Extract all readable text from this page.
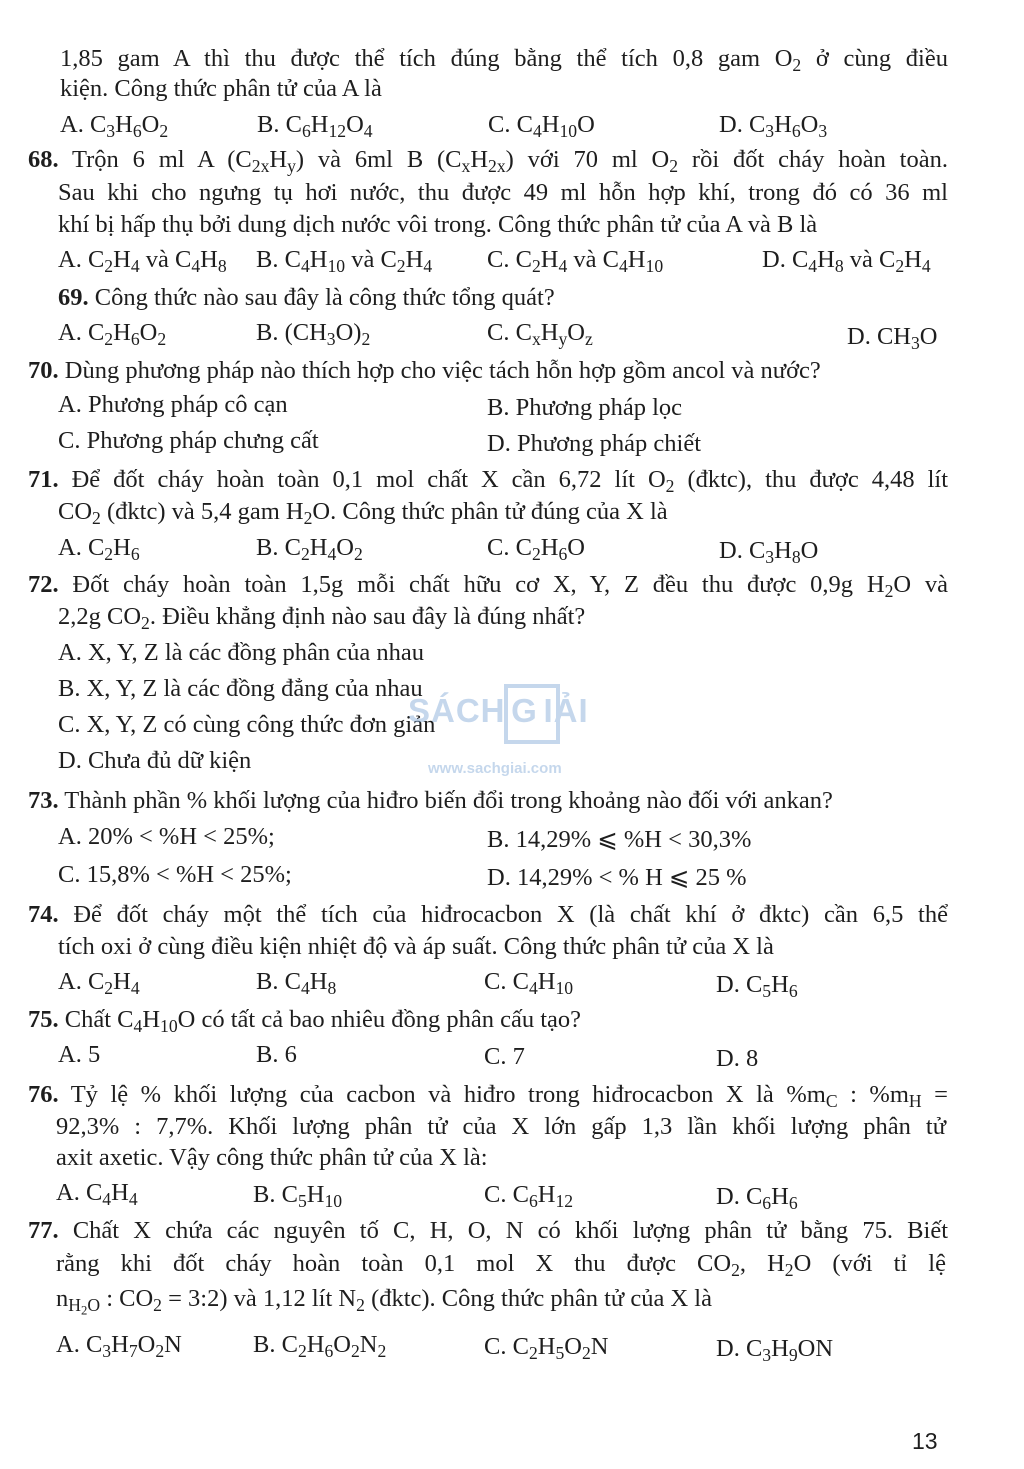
1,85 gam A thì thu được thể tích đúng bằng thể tích 0,8 gam $O_2$ ở cùng điều
kiện. Công thức phân tử của A là
A. $C_3H_6O_2$	B. $C_6H_{12}O_4$	C. $C_4H_{10}O$	D. $C_3H_6O_3$
68. Trộn 6 ml A $(C_{2x}H_y)$ và 6ml B $(C_xH_{2x})$ với 70 ml $O_2$ rồi đốt cháy hoàn toàn.
Sau khi cho ngưng tụ hơi nước, thu được 49 ml hỗn hợp khí, trong đó có 36 ml
khí bị hấp thụ bởi dung dịch nước vôi trong. Công thức phân tử của A và B là
A. $C_2H_4$ và $C_4H_8$ B. $C_4H_{10}$ và $C_2H_4$ C. $C_2H_4$ và $C_4H_{10}$	D. $C_4H_8$ và $C_2H_4$
69. Công thức nào sau đây là công thức tổng quát?
A. $C_2H_6O_2$	B. $(CH_3O)_2$	C. $C_xH_yO_z$	D. $CH_3O$
70. Dùng phương pháp nào thích hợp cho việc tách hỗn hợp gồm ancol và nước?
A. Phương pháp cô cạn	B. Phương pháp lọc
C. Phương pháp chưng cất	D. Phương pháp chiết
71. Để đốt cháy hoàn toàn 0,1 mol chất X cần 6,72 lít $O_2$ (đktc), thu được 4,48 lít
$CO_2$ (đktc) và 5,4 gam $H_2O$. Công thức phân tử đúng của X là
A. $C_2H_6$	B. $C_2H_4O_2$	C. $C_2H_6O$	D. $C_3H_8O$
72. Đốt cháy hoàn toàn 1,5g mỗi chất hữu cơ X, Y, Z đều thu được 0,9g $H_2O$ và
2,2g $CO_2$. Điều khẳng định nào sau đây là đúng nhất?
A. X, Y, Z là các đồng phân của nhau
B. X, Y, Z là các đồng đẳng của nhau
C. X, Y, Z có cùng công thức đơn giản
D. Chưa đủ dữ kiện
SÁCH G IẢI
www.sachgiai.com
73. Thành phần % khối lượng của hiđro biến đổi trong khoảng nào đối với ankan?
A. 20% < %H < 25%;	B. 14,29% ⩽ %H < 30,3%
C. 15,8% < %H < 25%;	D. 14,29% < % H ⩽ 25 %
74. Để đốt cháy một thể tích của hiđrocacbon X (là chất khí ở đktc) cần 6,5 thể
tích oxi ở cùng điều kiện nhiệt độ và áp suất. Công thức phân tử của X là
A. $C_2H_4$	B. $C_4H_8$	C. $C_4H_{10}$	D. $C_5H_6$
75. Chất $C_4H_{10}O$ có tất cả bao nhiêu đồng phân cấu tạo?
A. 5	B. 6	C. 7	D. 8
76. Tỷ lệ % khối lượng của cacbon và hiđro trong hiđrocacbon X là $\%m_C$ : $\%m_H$ =
92,3% : 7,7%. Khối lượng phân tử của X lớn gấp 1,3 lần khối lượng phân tử
axit axetic. Vậy công thức phân tử của X là:
A. $C_4H_4$	B. $C_5H_{10}$	C. $C_6H_{12}$	D. $C_6H_6$
77. Chất X chứa các nguyên tố C, H, O, N có khối lượng phân tử bằng 75. Biết
rằng khi đốt cháy hoàn toàn 0,1 mol X thu được $CO_2$, $H_2O$ (với tỉ lệ
$n_{H_2O}$ : $CO_2$ = 3:2) và 1,12 lít $N_2$ (đktc). Công thức phân tử của X là
A. $C_3H_7O_2N$	B. $C_2H_6O_2N_2$	C. $C_2H_5O_2N$	D. $C_3H_9ON$
13
